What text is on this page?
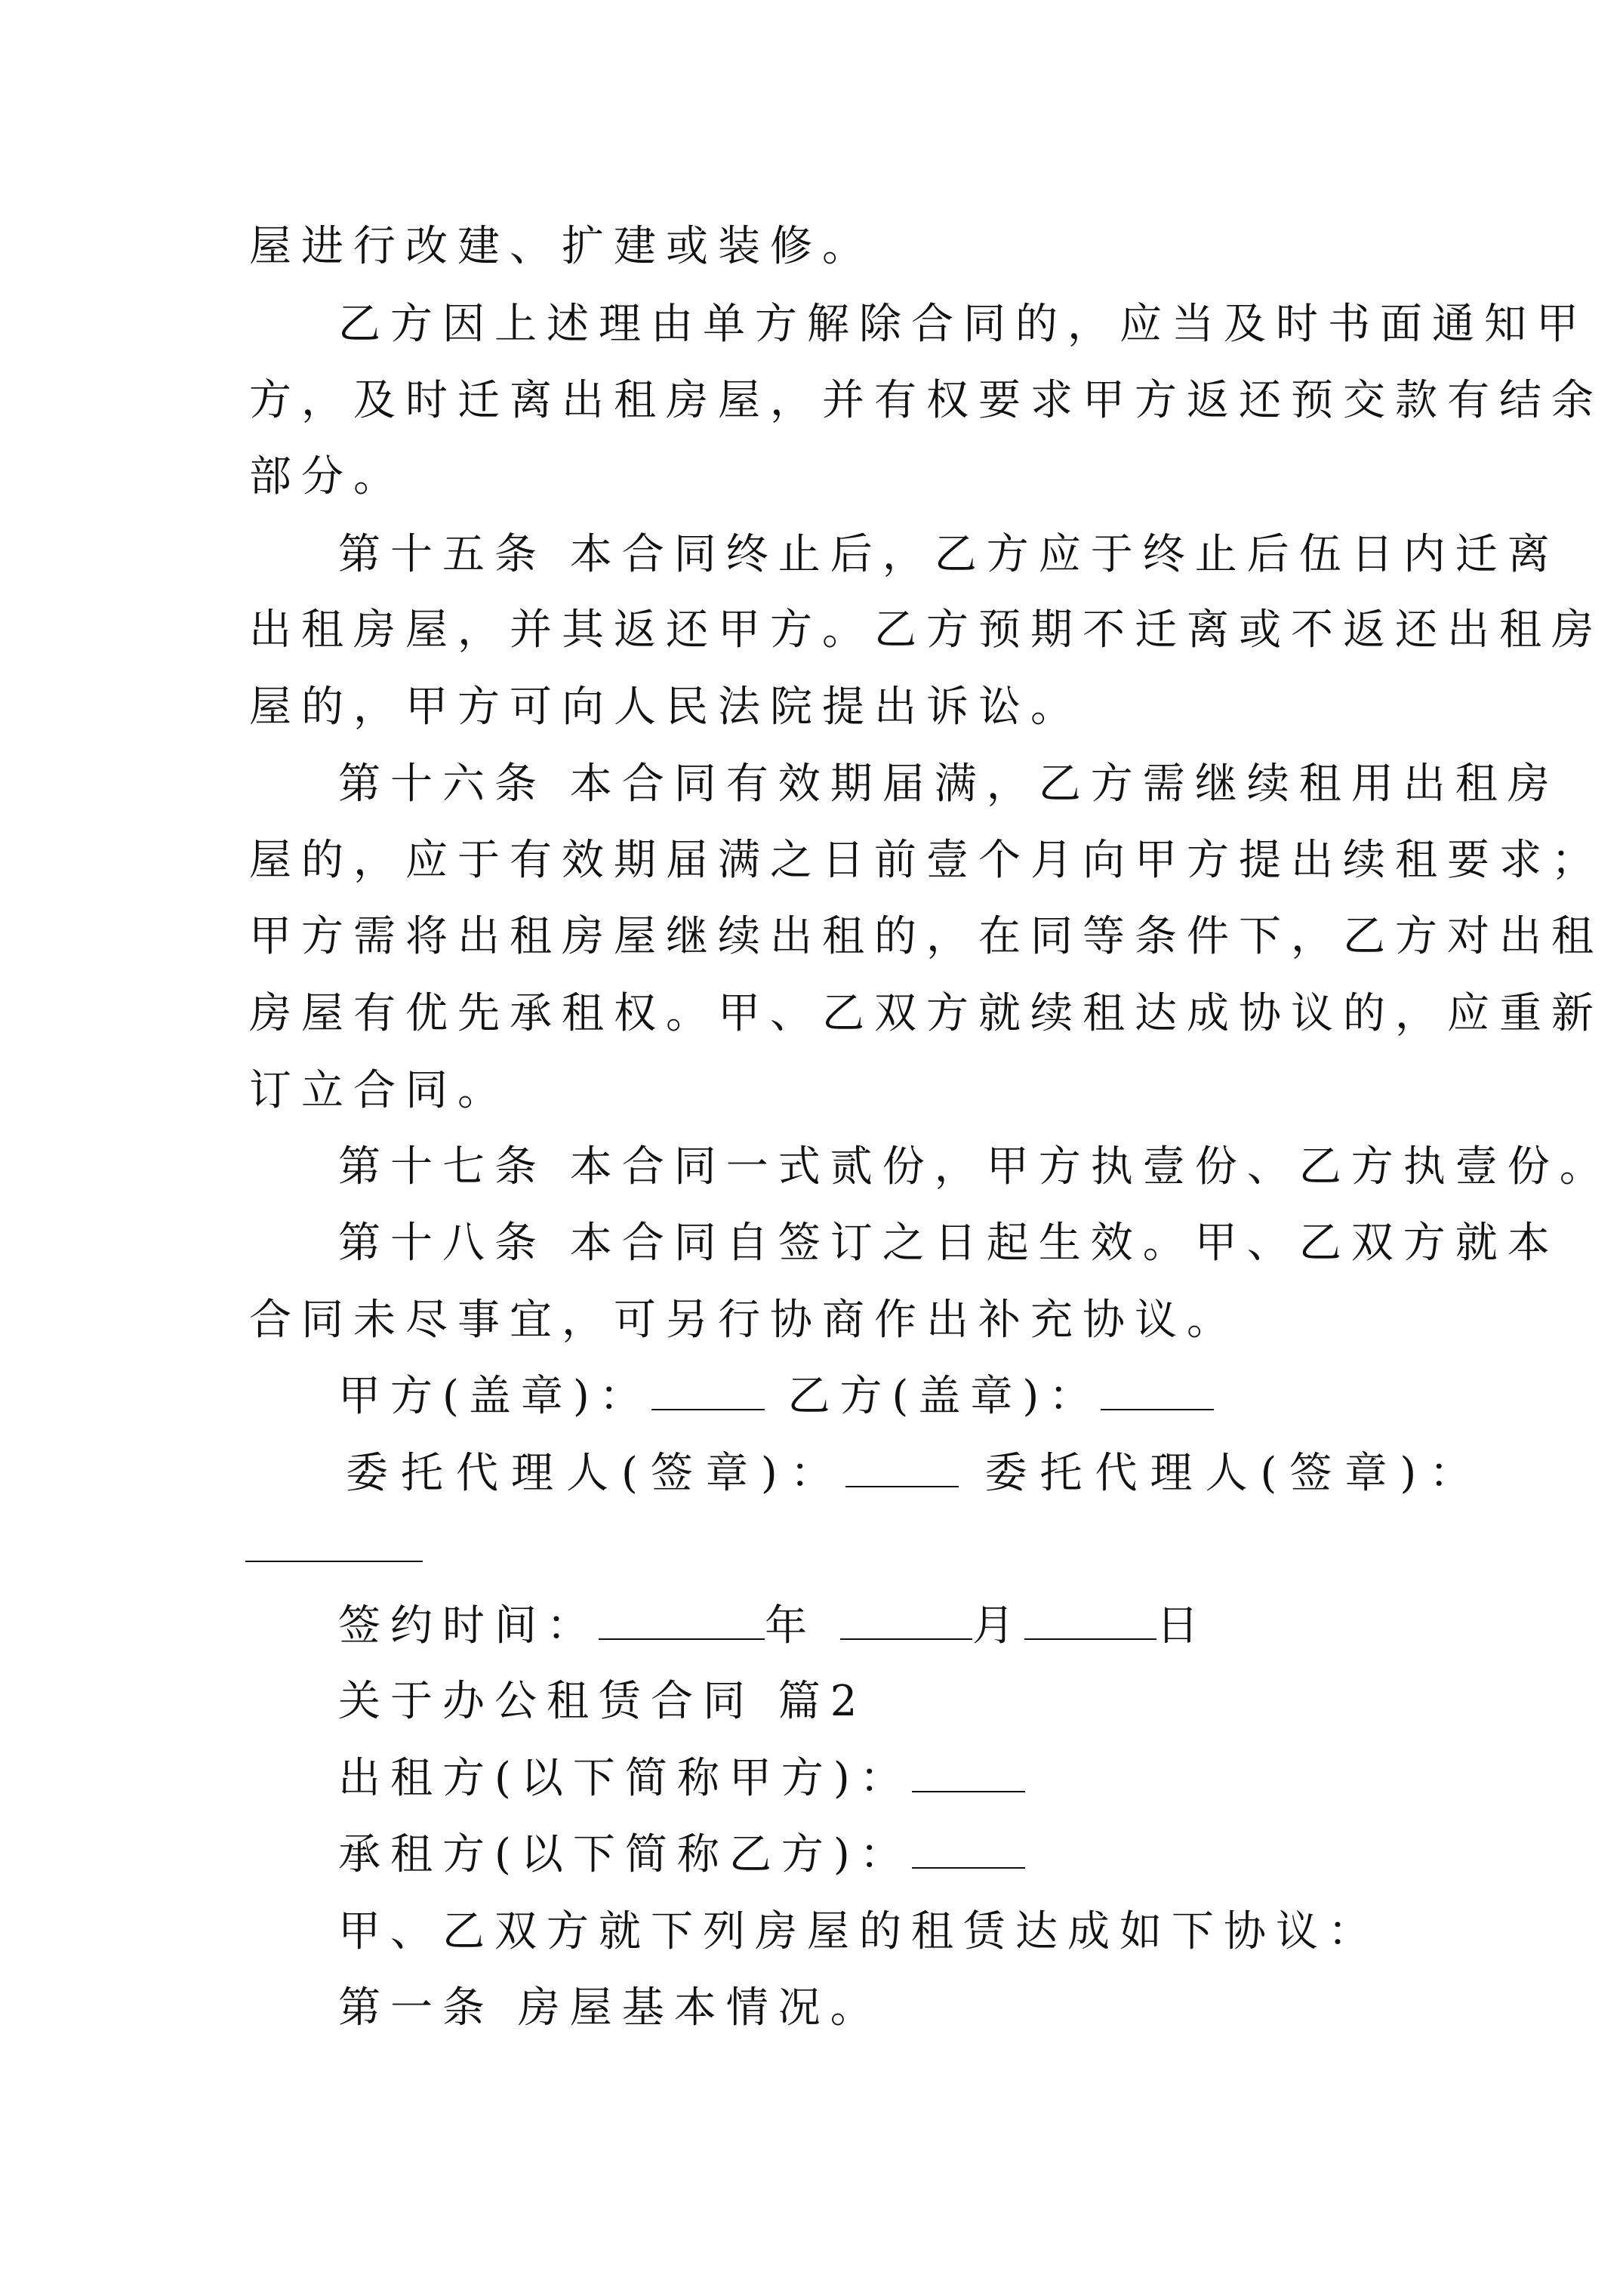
屋进行改建、扩建或装修。
乙方因上述理由单方解除合同的，应当及时书面通知甲
方，及时迁离出租房屋，并有权要求甲方返还预交款有结余
部分。
第十五条 本合同终止后，乙方应于终止后伍日内迁离
出租房屋，并其返还甲方。乙方预期不迁离或不返还出租房
屋的，甲方可向人民法院提出诉讼。
第十六条 本合同有效期届满，乙方需继续租用出租房
屋的，应于有效期届满之日前壹个月向甲方提出续租要求；
甲方需将出租房屋继续出租的，在同等条件下，乙方对出租
房屋有优先承租权。甲、乙双方就续租达成协议的，应重新
订立合同。
第十七条 本合同一式贰份，甲方执壹份、乙方执壹份。
第十八条 本合同自签订之日起生效。甲、乙双方就本
合同未尽事宜，可另行协商作出补充协议。
甲方(盖章)：	乙方(盖章)：
委托代理人(签章)：	委托代理人(签章)：
签约时间：	年	月	日
关于办公租赁合同 篇2
出租方(以下简称甲方)：
承租方(以下简称乙方)：
甲、乙双方就下列房屋的租赁达成如下协议：
第一条 房屋基本情况。
